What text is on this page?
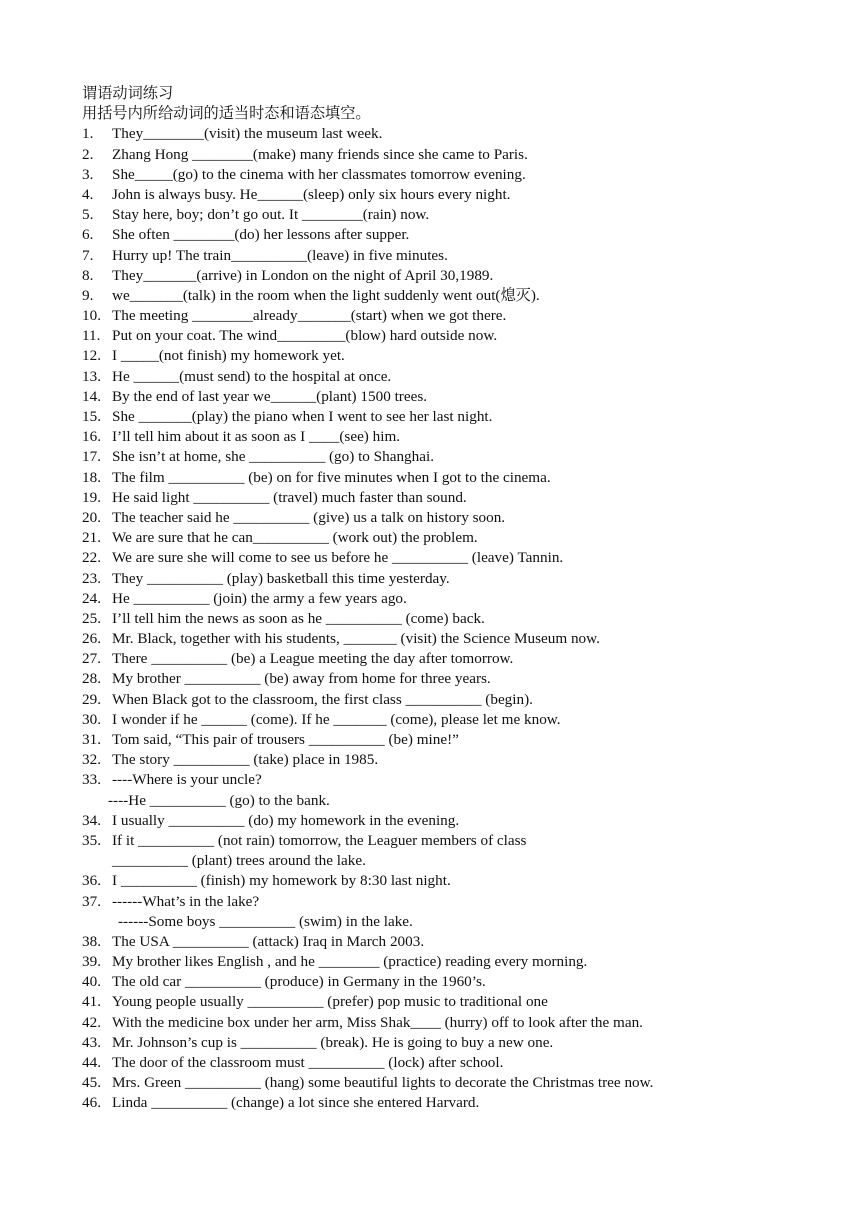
谓语动词练习
用括号内所给动词的适当时态和语态填空。
1. They________(visit) the museum last week.
2. Zhang Hong ________(make) many friends since she came to Paris.
3. She_____(go) to the cinema with her classmates tomorrow evening.
4. John is always busy. He______(sleep) only six hours every night.
5. Stay here, boy; don’t go out. It ________(rain) now.
6. She often ________(do) her lessons after supper.
7. Hurry up! The train__________(leave) in five minutes.
8. They_______(arrive) in London on the night of April 30,1989.
9. we_______(talk) in the room when the light suddenly went out(熄灭).
10. The meeting ________already_______(start) when we got there.
11. Put on your coat. The wind_________(blow) hard outside now.
12. I _____(not finish) my homework yet.
13. He ______(must send) to the hospital at once.
14. By the end of last year we______(plant) 1500 trees.
15. She _______(play) the piano when I went to see her last night.
16. I’ll tell him about it as soon as I ____(see) him.
17. She isn’t at home, she __________ (go) to Shanghai.
18. The film __________ (be) on for five minutes when I got to the cinema.
19. He said light __________ (travel) much faster than sound.
20. The teacher said he __________ (give) us a talk on history soon.
21. We are sure that he can__________ (work out) the problem.
22. We are sure she will come to see us before he __________ (leave) Tannin.
23. They __________ (play) basketball this time yesterday.
24. He __________ (join) the army a few years ago.
25. I’ll tell him the news as soon as he __________ (come) back.
26. Mr. Black, together with his students, _______ (visit) the Science Museum now.
27. There __________ (be) a League meeting the day after tomorrow.
28. My brother __________ (be) away from home for three years.
29. When Black got to the classroom, the first class __________ (begin).
30. I wonder if he ______ (come). If he _______ (come), please let me know.
31. Tom said, “This pair of trousers __________ (be) mine!”
32. The story __________ (take) place in 1985.
33. ----Where is your uncle?
----He __________ (go) to the bank.
34. I usually __________ (do) my homework in the evening.
35. If it __________ (not rain) tomorrow, the Leaguer members of class
__________ (plant) trees around the lake.
36. I __________ (finish) my homework by 8:30 last night.
37. ------What’s in the lake?
------Some boys __________ (swim) in the lake.
38. The USA __________ (attack) Iraq in March 2003.
39. My brother likes English , and he ________ (practice) reading every morning.
40. The old car __________ (produce) in Germany in the 1960’s.
41. Young people usually __________ (prefer) pop music to traditional one
42. With the medicine box under her arm, Miss Shak____ (hurry) off to look after the man.
43. Mr. Johnson’s cup is __________ (break). He is going to buy a new one.
44. The door of the classroom must __________ (lock) after school.
45. Mrs. Green __________ (hang) some beautiful lights to decorate the Christmas tree now.
46. Linda __________ (change) a lot since she entered Harvard.
